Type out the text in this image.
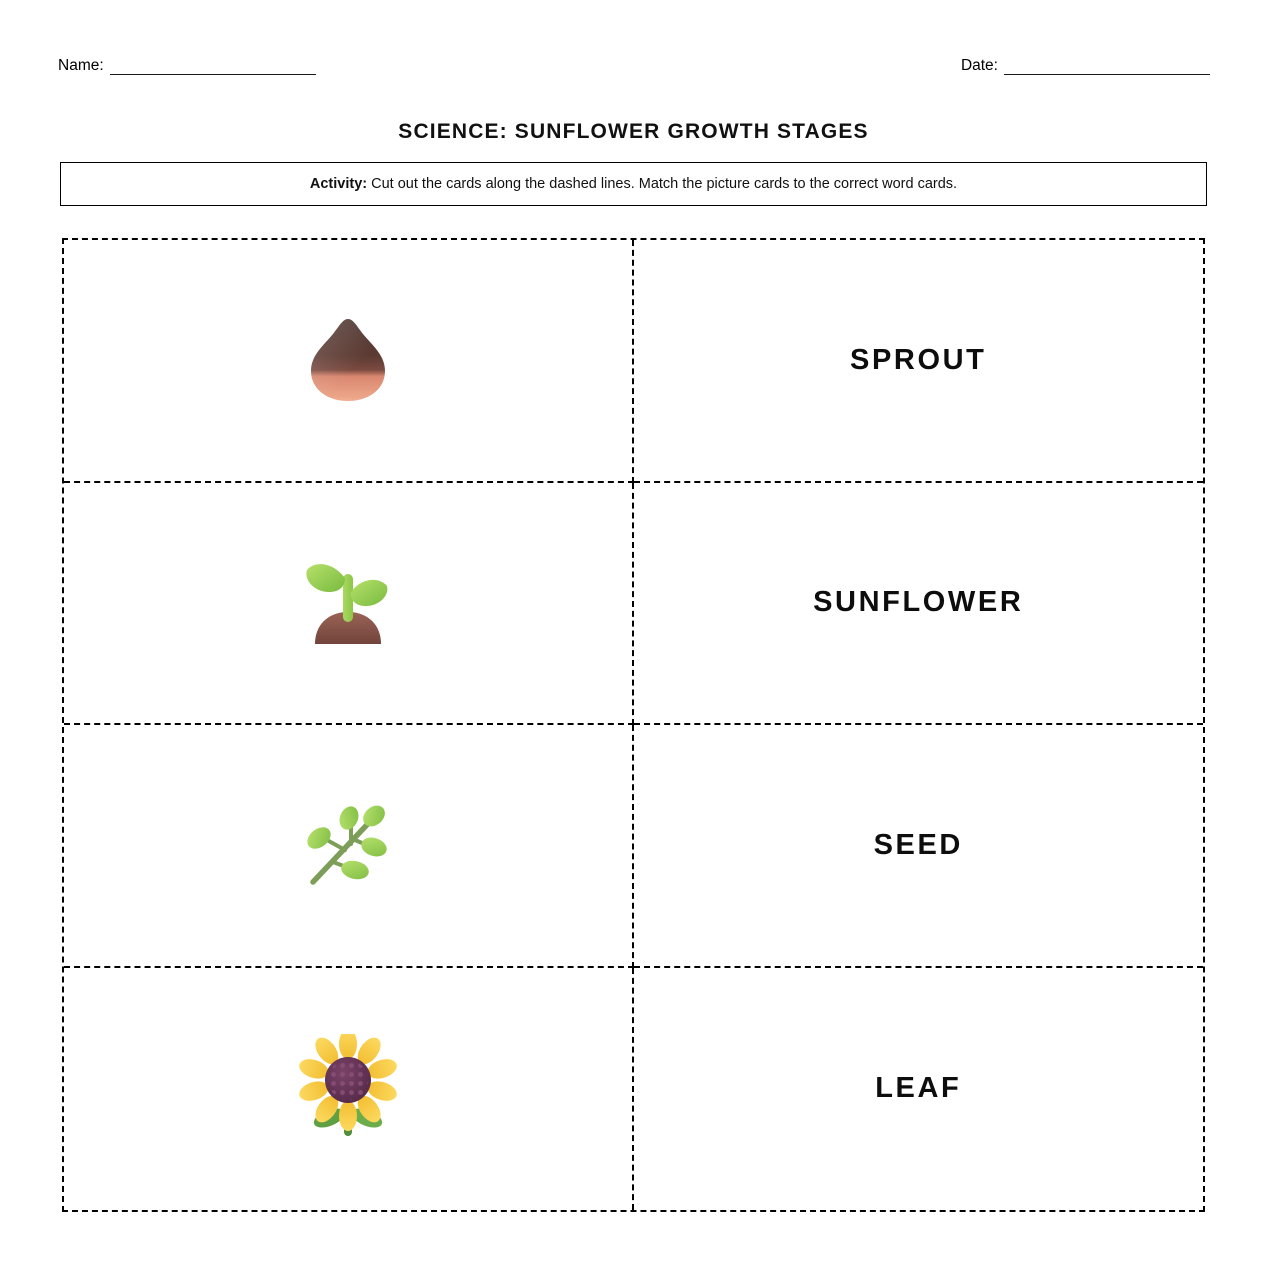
Name:	Date:
SCIENCE: SUNFLOWER GROWTH STAGES
Activity: Cut out the cards along the dashed lines. Match the picture cards to the correct word cards.
SPROUT
SUNFLOWER
SEED
LEAF
